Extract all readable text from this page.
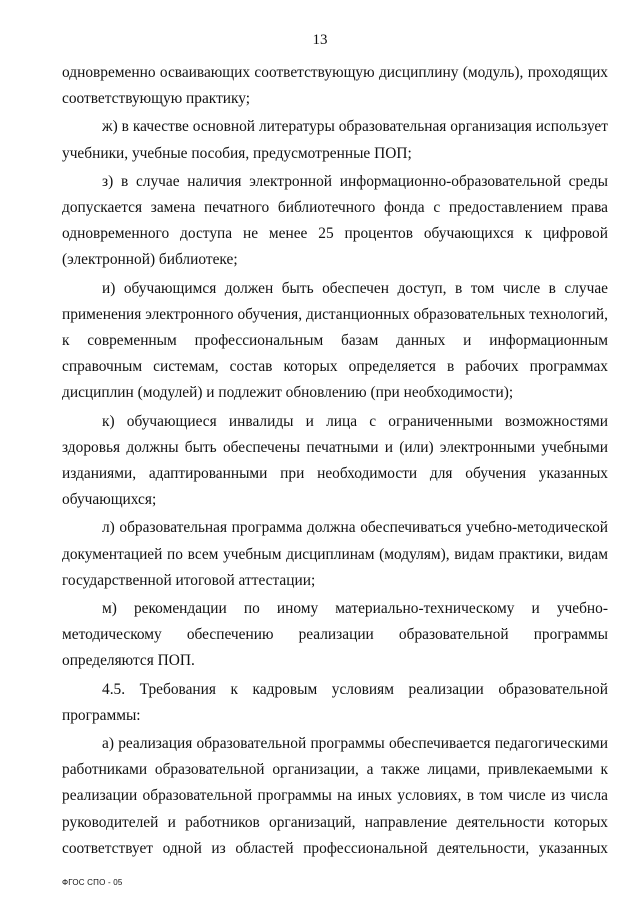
13

одновременно осваивающих соответствующую дисциплину (модуль), проходящих соответствующую практику;

ж) в качестве основной литературы образовательная организация использует учебники, учебные пособия, предусмотренные ПОП;

з) в случае наличия электронной информационно-образовательной среды допускается замена печатного библиотечного фонда с предоставлением права одновременного доступа не менее 25 процентов обучающихся к цифровой (электронной) библиотеке;

и) обучающимся должен быть обеспечен доступ, в том числе в случае применения электронного обучения, дистанционных образовательных технологий, к современным профессиональным базам данных и информационным справочным системам, состав которых определяется в рабочих программах дисциплин (модулей) и подлежит обновлению (при необходимости);

к) обучающиеся инвалиды и лица с ограниченными возможностями здоровья должны быть обеспечены печатными и (или) электронными учебными изданиями, адаптированными при необходимости для обучения указанных обучающихся;

л) образовательная программа должна обеспечиваться учебно-методической документацией по всем учебным дисциплинам (модулям), видам практики, видам государственной итоговой аттестации;

м) рекомендации по иному материально-техническому и учебно-методическому обеспечению реализации образовательной программы определяются ПОП.

4.5. Требования к кадровым условиям реализации образовательной программы:

а) реализация образовательной программы обеспечивается педагогическими работниками образовательной организации, а также лицами, привлекаемыми к реализации образовательной программы на иных условиях, в том числе из числа руководителей и работников организаций, направление деятельности которых соответствует одной из областей профессиональной деятельности, указанных

ФГОС СПО - 05
